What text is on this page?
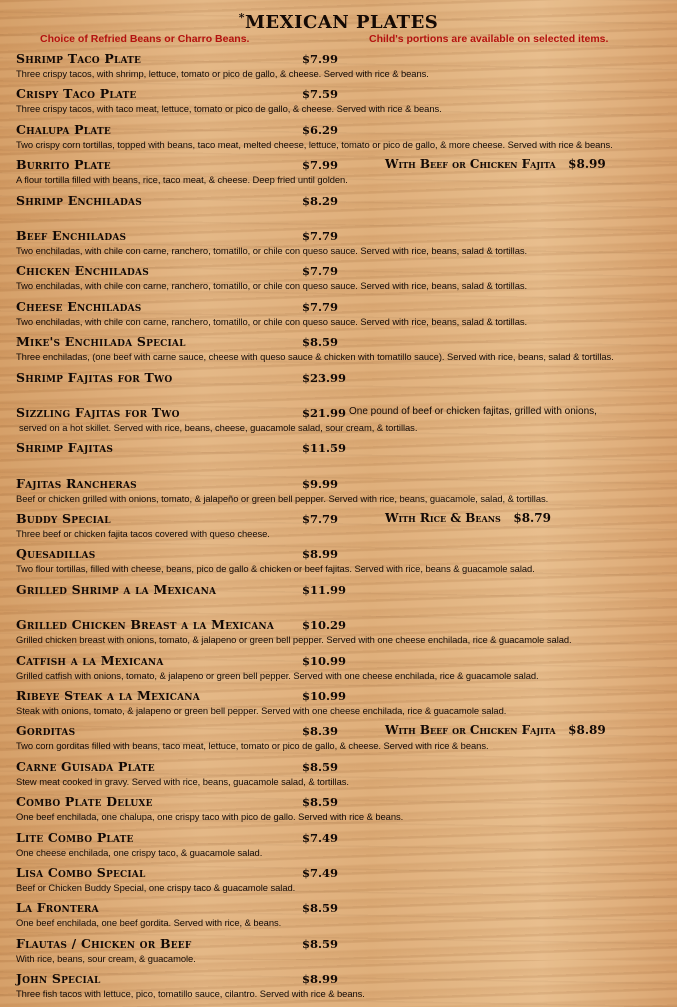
*MEXICAN PLATES
Choice of Refried Beans or Charro Beans.	Child's portions are available on selected items.
Shrimp Taco Plate	$7.99
Three crispy tacos, with shrimp, lettuce, tomato or pico de gallo, & cheese. Served with rice & beans.
Crispy Taco Plate	$7.59
Three crispy tacos, with taco meat, lettuce, tomato or pico de gallo, & cheese. Served with rice & beans.
Chalupa Plate	$6.29
Two crispy corn tortillas, topped with beans, taco meat, melted cheese, lettuce, tomato or pico de gallo, & more cheese. Served with rice & beans.
Burrito Plate	$7.99	With Beef or Chicken Fajita   $8.99
A flour tortilla filled with beans, rice, taco meat, & cheese. Deep fried until golden.
Shrimp Enchiladas	$8.29
Beef Enchiladas	$7.79
Two enchiladas, with chile con carne, ranchero, tomatillo, or chile con queso sauce. Served with rice, beans, salad & tortillas.
Chicken Enchiladas	$7.79
Two enchiladas, with chile con carne, ranchero, tomatillo, or chile con queso sauce. Served with rice, beans, salad & tortillas.
Cheese Enchiladas	$7.79
Two enchiladas, with chile con carne, ranchero, tomatillo, or chile con queso sauce. Served with rice, beans, salad & tortillas.
Mike's Enchilada Special	$8.59
Three enchiladas, (one beef with carne sauce, cheese with queso sauce & chicken with tomatillo sauce). Served with rice, beans, salad & tortillas.
Shrimp Fajitas for Two	$23.99
Sizzling Fajitas for Two	$21.99 One pound of beef or chicken fajitas, grilled with onions,
served on a hot skillet. Served with rice, beans, cheese, guacamole salad, sour cream, & tortillas.
Shrimp Fajitas	$11.59
Fajitas Rancheras	$9.99
Beef or chicken grilled with onions, tomato, & jalapeño or green bell pepper. Served with rice, beans, guacamole, salad, & tortillas.
Buddy Special	$7.79	With Rice & Beans   $8.79
Three beef or chicken fajita tacos covered with queso cheese.
Quesadillas	$8.99
Two flour tortillas, filled with cheese, beans, pico de gallo & chicken or beef fajitas. Served with rice, beans & guacamole salad.
Grilled Shrimp a la Mexicana	$11.99
Grilled Chicken Breast a la Mexicana $10.29
Grilled chicken breast with onions, tomato, & jalapeno or green bell pepper. Served with one cheese enchilada, rice & guacamole salad.
Catfish a la Mexicana	$10.99
Grilled catfish with onions, tomato, & jalapeno or green bell pepper. Served with one cheese enchilada, rice & guacamole salad.
Ribeye Steak a la Mexicana	$10.99
Steak with onions, tomato, & jalapeno or green bell pepper. Served with one cheese enchilada, rice & guacamole salad.
Gorditas	$8.39	With Beef or Chicken Fajita   $8.89
Two corn gorditas filled with beans, taco meat, lettuce, tomato or pico de gallo, & cheese. Served with rice & beans.
Carne Guisada Plate	$8.59
Stew meat cooked in gravy. Served with rice, beans, guacamole salad, & tortillas.
Combo Plate Deluxe	$8.59
One beef enchilada, one chalupa, one crispy taco with pico de gallo. Served with rice & beans.
Lite Combo Plate	$7.49
One cheese enchilada, one crispy taco, & guacamole salad.
Lisa Combo Special	$7.49
Beef or Chicken Buddy Special, one crispy taco & guacamole salad.
La Frontera	$8.59
One beef enchilada, one beef gordita. Served with rice, & beans.
Flautas / Chicken or Beef	$8.59
With rice, beans, sour cream, & guacamole.
John Special	$8.99
Three fish tacos with lettuce, pico, tomatillo sauce, cilantro. Served with rice & beans.
